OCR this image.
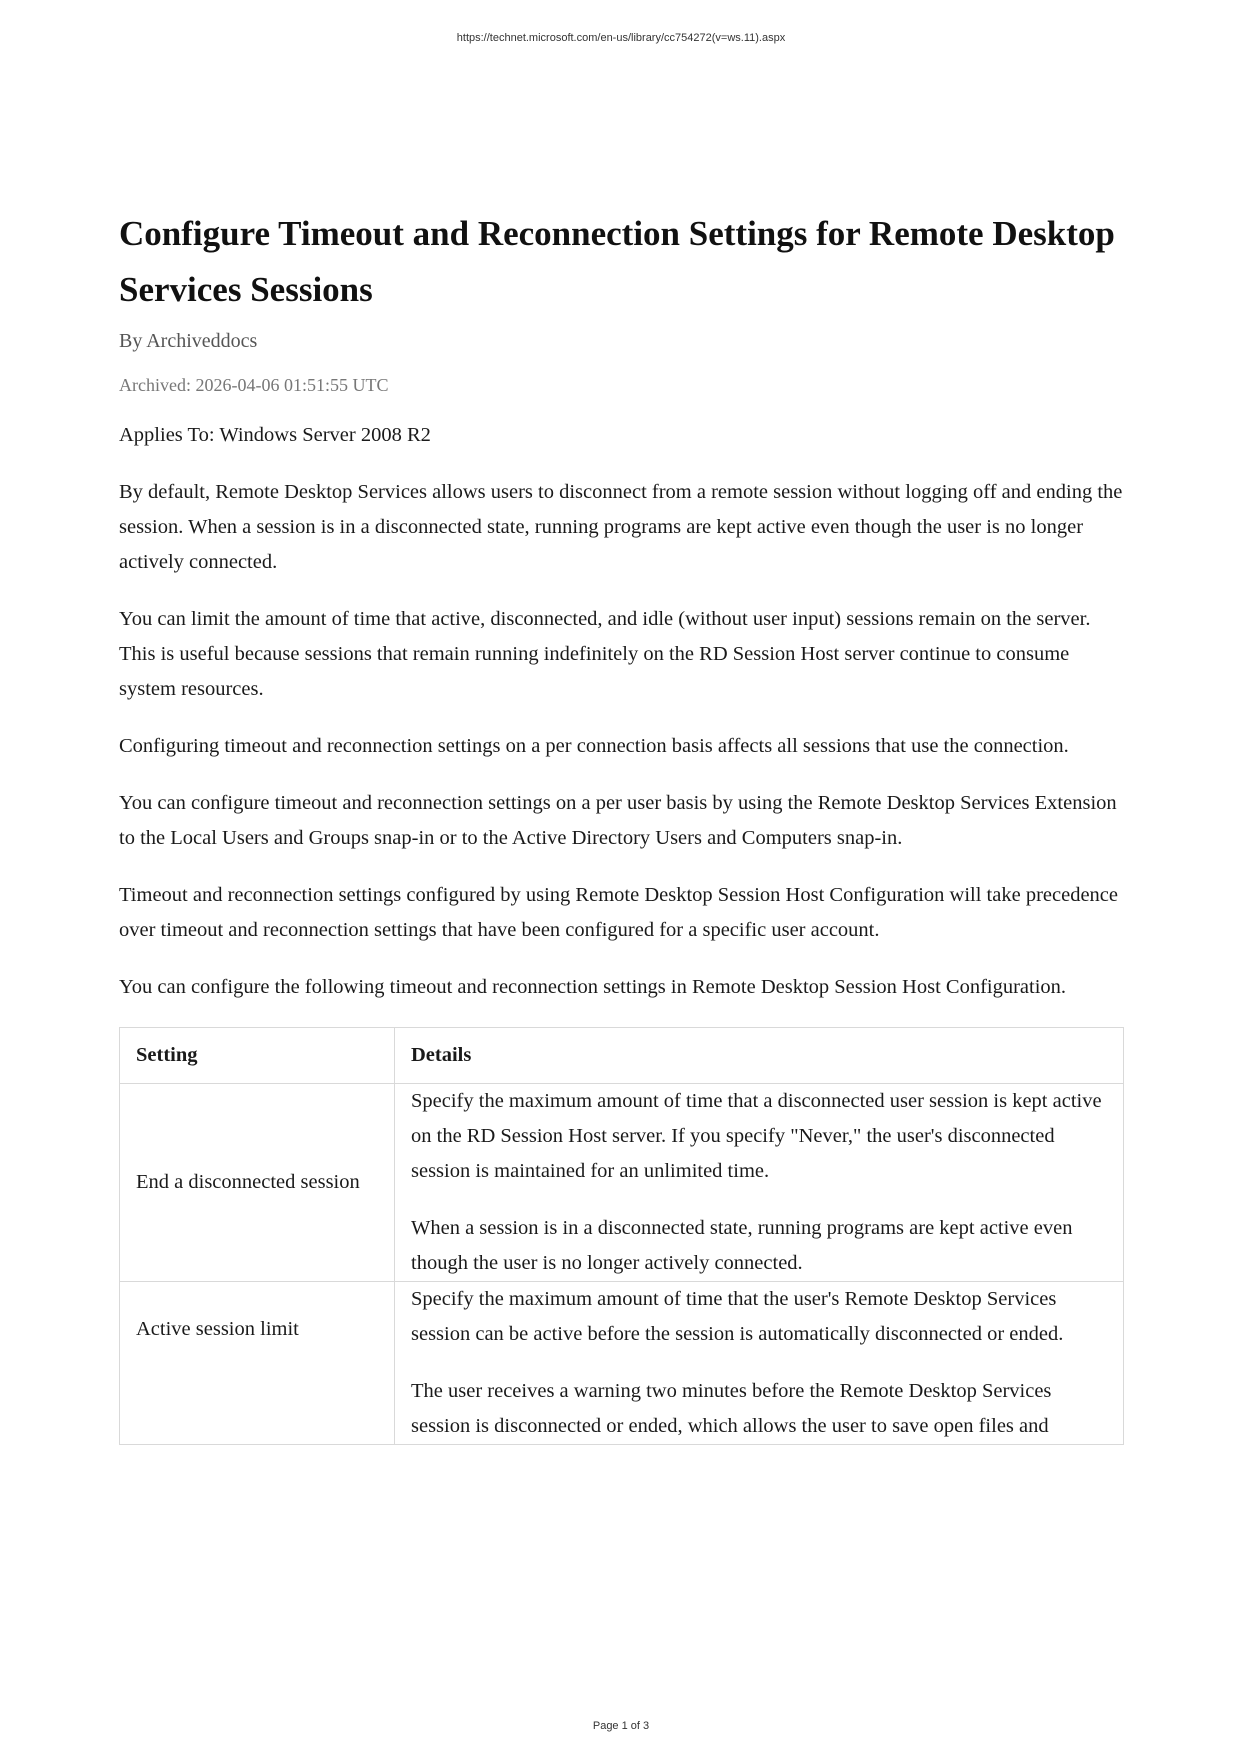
https://technet.microsoft.com/en-us/library/cc754272(v=ws.11).aspx
Configure Timeout and Reconnection Settings for Remote Desktop Services Sessions
By Archiveddocs
Archived: 2026-04-06 01:51:55 UTC

Applies To: Windows Server 2008 R2

By default, Remote Desktop Services allows users to disconnect from a remote session without logging off and ending the session. When a session is in a disconnected state, running programs are kept active even though the user is no longer actively connected.

You can limit the amount of time that active, disconnected, and idle (without user input) sessions remain on the server. This is useful because sessions that remain running indefinitely on the RD Session Host server continue to consume system resources.

Configuring timeout and reconnection settings on a per connection basis affects all sessions that use the connection.

You can configure timeout and reconnection settings on a per user basis by using the Remote Desktop Services Extension to the Local Users and Groups snap-in or to the Active Directory Users and Computers snap-in.

Timeout and reconnection settings configured by using Remote Desktop Session Host Configuration will take precedence over timeout and reconnection settings that have been configured for a specific user account.

You can configure the following timeout and reconnection settings in Remote Desktop Session Host Configuration.

Setting	Details
End a disconnected session	Specify the maximum amount of time that a disconnected user session is kept active on the RD Session Host server. If you specify "Never," the user's disconnected session is maintained for an unlimited time.

When a session is in a disconnected state, running programs are kept active even though the user is no longer actively connected.

Active session limit	Specify the maximum amount of time that the user's Remote Desktop Services session can be active before the session is automatically disconnected or ended.

The user receives a warning two minutes before the Remote Desktop Services session is disconnected or ended, which allows the user to save open files and

Page 1 of 3
